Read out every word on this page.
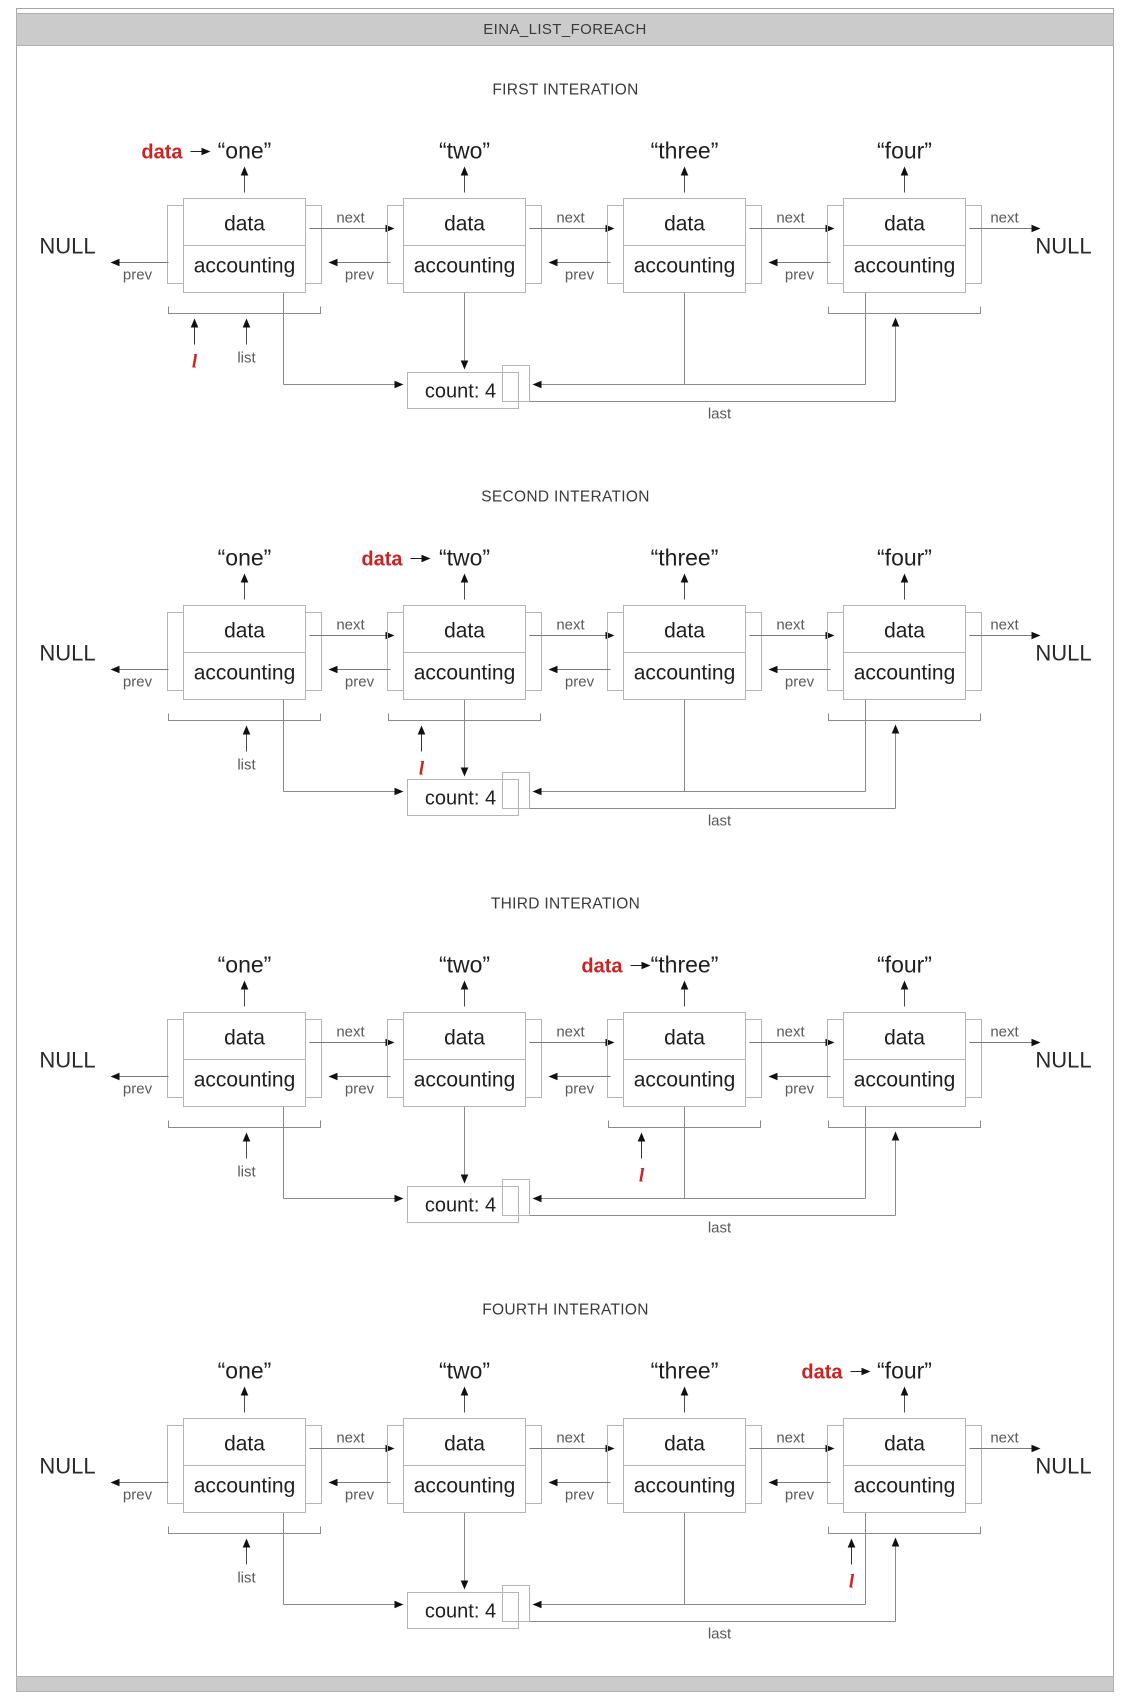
EINA_LIST_FOREACH
FIRST INTERATION
last
count: 4
data
accounting
“one”
data
next
prev
data
accounting
“two”
next
prev
data
accounting
“three”
next
prev
data
accounting
“four”
next
prev
NULL	NULL
list
l
SECOND INTERATION
last
count: 4
data
accounting
“one”
next
prev
data
accounting
“two”
data
next
prev
data
accounting
“three”
next
prev
data
accounting
“four”
next
prev
NULL	NULL
list	l
THIRD INTERATION
last
count: 4
data
accounting
“one”
next
prev
data
accounting
“two”
next
prev
data
accounting
“three”
data
next
prev
data
accounting
“four”
next
prev
NULL	NULL
list	l
FOURTH INTERATION
last
count: 4
data
accounting
“one”
next
prev
data
accounting
“two”
next
prev
data
accounting
“three”
next
prev
data
accounting
“four”
data
next
prev
NULL	NULL
list	l
